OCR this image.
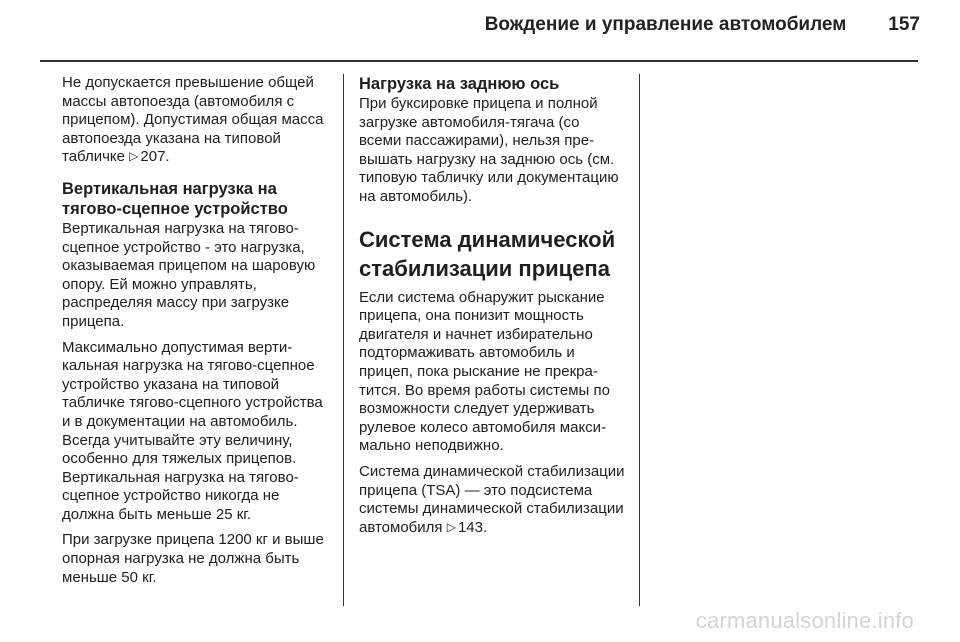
Вождение и управление автомобилем 157

Не допускается превышение общей массы автопоезда (автомобиля с прицепом). Допустимая общая масса автопоезда указана на типовой табличке ▷ 207.

Вертикальная нагрузка на тягово-сцепное устройство

Вертикальная нагрузка на тягово-сцепное устройство - это нагрузка, оказываемая прицепом на шаровую опору. Ей можно управлять, распределяя массу при загрузке прицепа.

Максимально допустимая вертикальная нагрузка на тягово-сцепное устройство указана на типовой табличке тягово-сцепного устройства и в документации на автомобиль. Всегда учитывайте эту величину, особенно для тяжелых прицепов. Вертикальная нагрузка на тягово-сцепное устройство никогда не должна быть меньше 25 кг.

При загрузке прицепа 1200 кг и выше опорная нагрузка не должна быть меньше 50 кг.

Нагрузка на заднюю ось

При буксировке прицепа и полной загрузке автомобиля-тягача (со всеми пассажирами), нельзя превышать нагрузку на заднюю ось (см. типовую табличку или документацию на автомобиль).

Система динамической стабилизации прицепа

Если система обнаружит рыскание прицепа, она понизит мощность двигателя и начнет избирательно подтормаживать автомобиль и прицеп, пока рыскание не прекратится. Во время работы системы по возможности следует удерживать рулевое колесо автомобиля максимально неподвижно.

Система динамической стабилизации прицепа (TSA) — это подсистема системы динамической стабилизации автомобиля ▷ 143.

carmanualsonline.info
